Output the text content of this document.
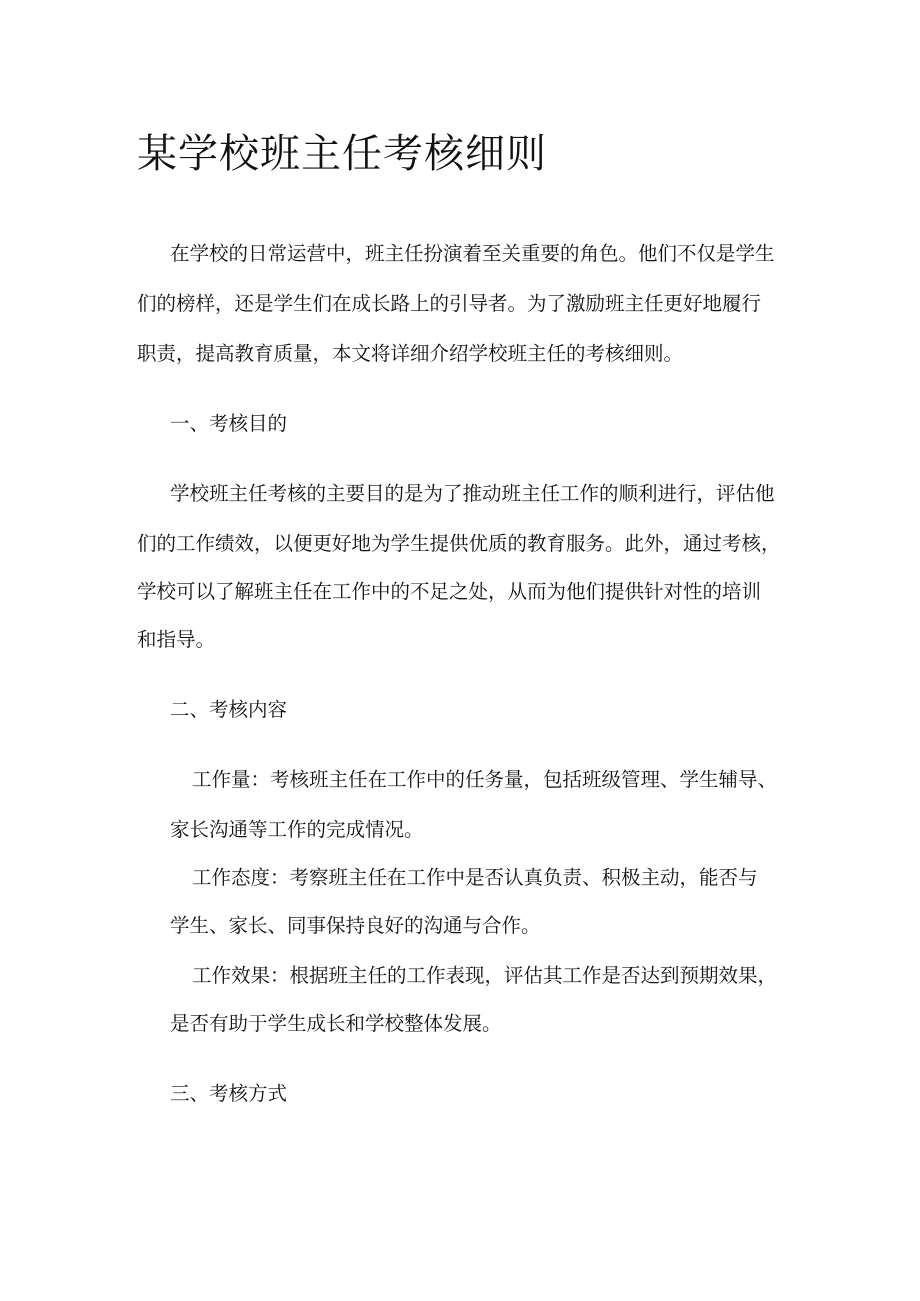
某学校班主任考核细则

在学校的日常运营中，班主任扮演着至关重要的角色。他们不仅是学生

们的榜样，还是学生们在成长路上的引导者。为了激励班主任更好地履行

职责，提高教育质量，本文将详细介绍学校班主任的考核细则。

一、考核目的

学校班主任考核的主要目的是为了推动班主任工作的顺利进行，评估他

们的工作绩效，以便更好地为学生提供优质的教育服务。此外，通过考核，

学校可以了解班主任在工作中的不足之处，从而为他们提供针对性的培训

和指导。

二、考核内容

工作量：考核班主任在工作中的任务量，包括班级管理、学生辅导、

家长沟通等工作的完成情况。

工作态度：考察班主任在工作中是否认真负责、积极主动，能否与

学生、家长、同事保持良好的沟通与合作。

工作效果：根据班主任的工作表现，评估其工作是否达到预期效果，

是否有助于学生成长和学校整体发展。

三、考核方式
